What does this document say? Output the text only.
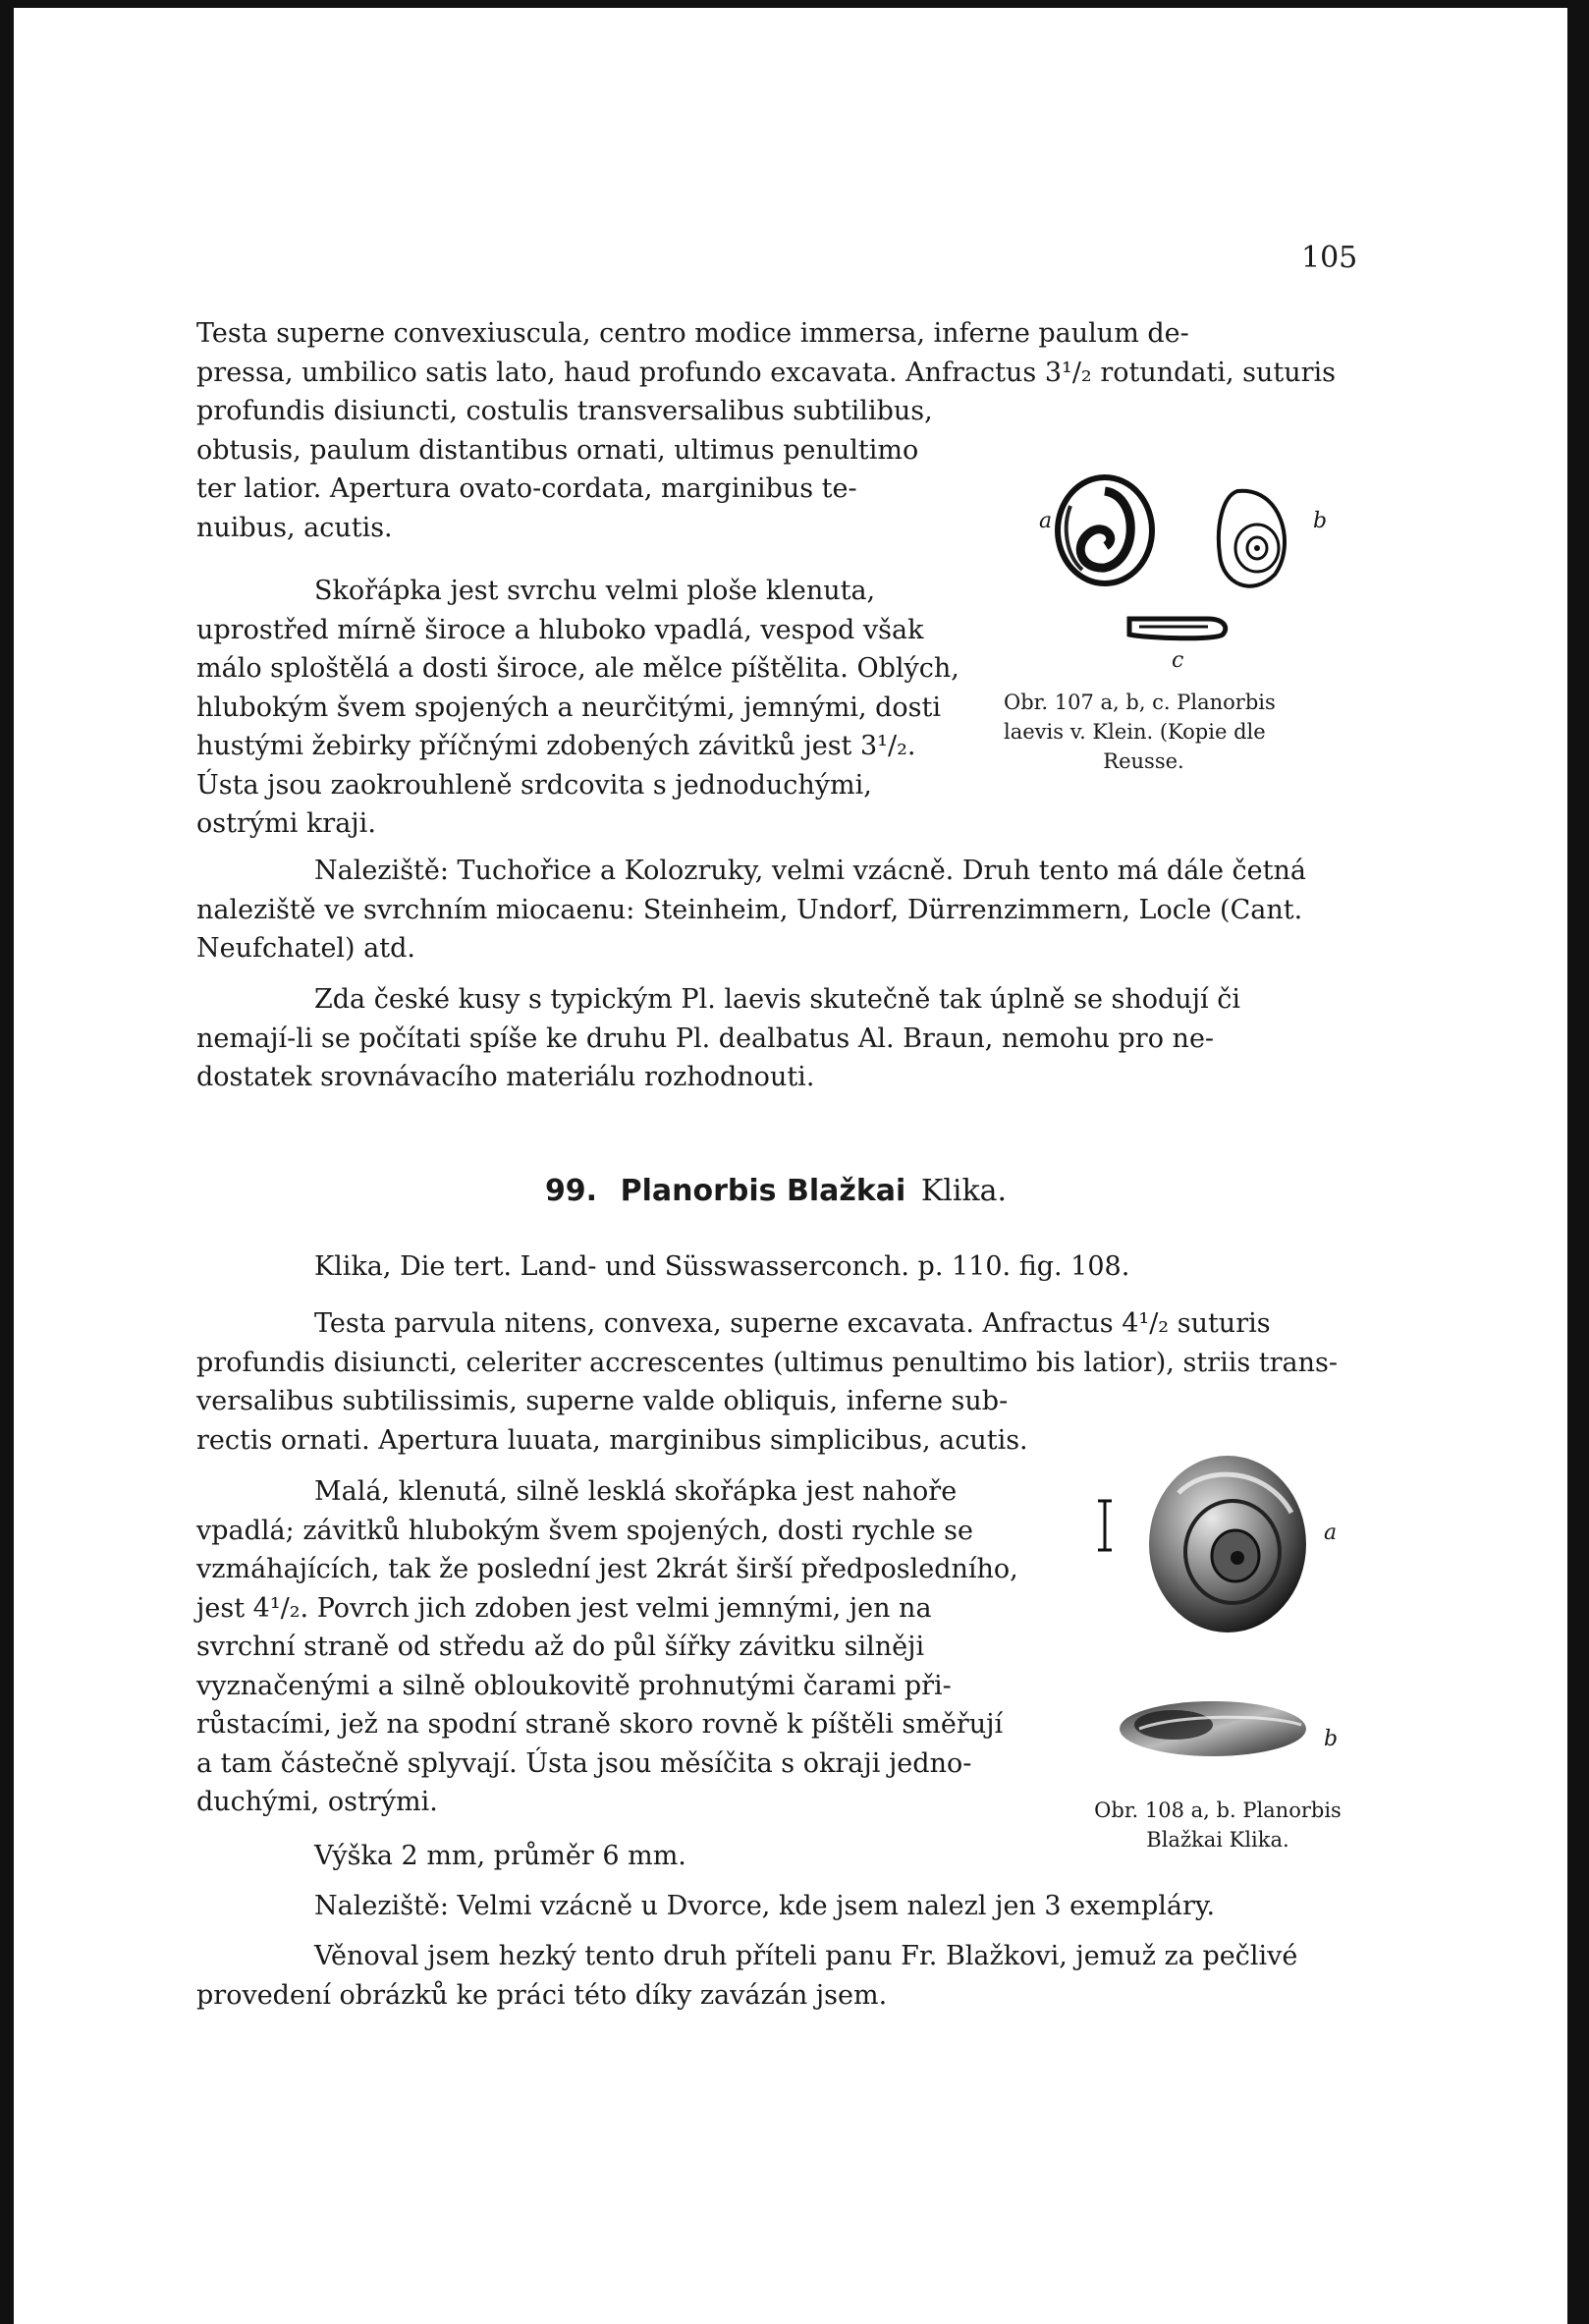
105
Testa superne convexiuscula, centro modice immersa, inferne paulum de-
pressa, umbilico satis lato, haud profundo excavata. Anfractus 3¹/₂ rotundati, suturis
profundis disiuncti, costulis transversalibus subtilibus,
obtusis, paulum distantibus ornati, ultimus penultimo
ter latior. Apertura ovato-cordata, marginibus te-
nuibus, acutis.
Skořápka jest svrchu velmi ploše klenuta,
uprostřed mírně široce a hluboko vpadlá, vespod však
málo sploštělá a dosti široce, ale mělce píštělita. Oblých,
hlubokým švem spojených a neurčitými, jemnými, dosti
hustými žebirky příčnými zdobených závitků jest 3¹/₂.
Ústa jsou zaokrouhleně srdcovita s jednoduchými,
ostrými kraji.
a	b
c
Obr. 107 a, b, c. Planorbis
laevis v. Klein. (Kopie dle
Reusse.
Naleziště: Tuchořice a Kolozruky, velmi vzácně. Druh tento má dále četná
naleziště ve svrchním miocaenu: Steinheim, Undorf, Dürrenzimmern, Locle (Cant.
Neufchatel) atd.
Zda české kusy s typickým Pl. laevis skutečně tak úplně se shodují či
nemají-li se počítati spíše ke druhu Pl. dealbatus Al. Braun, nemohu pro ne-
dostatek srovnávacího materiálu rozhodnouti.
99. Planorbis Blažkai Klika.
Klika, Die tert. Land- und Süsswasserconch. p. 110. fig. 108.
Testa parvula nitens, convexa, superne excavata. Anfractus 4¹/₂ suturis
profundis disiuncti, celeriter accrescentes (ultimus penultimo bis latior), striis trans-
versalibus subtilissimis, superne valde obliquis, inferne sub-
rectis ornati. Apertura luuata, marginibus simplicibus, acutis.
Malá, klenutá, silně lesklá skořápka jest nahoře
vpadlá; závitků hlubokým švem spojených, dosti rychle se
vzmáhajících, tak že poslední jest 2krát širší předposledního,
jest 4¹/₂. Povrch jich zdoben jest velmi jemnými, jen na
svrchní straně od středu až do půl šířky závitku silněji
vyznačenými a silně obloukovitě prohnutými čarami při-
růstacími, jež na spodní straně skoro rovně k píštěli směřují
a tam částečně splyvají. Ústa jsou měsíčita s okraji jedno-
duchými, ostrými.
a
b
Obr. 108 a, b. Planorbis
Blažkai Klika.
Výška 2 mm, průměr 6 mm.
Naleziště: Velmi vzácně u Dvorce, kde jsem nalezl jen 3 exempláry.
Věnoval jsem hezký tento druh příteli panu Fr. Blažkovi, jemuž za pečlivé
provedení obrázků ke práci této díky zavázán jsem.
